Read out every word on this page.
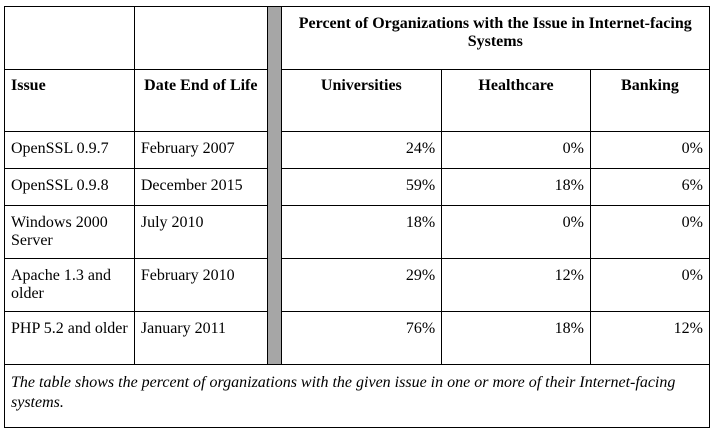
			Percent of Organizations with the Issue in Internet-facing Systems		
Issue	Date End of Life		Universities	Healthcare	Banking
OpenSSL 0.9.7	February 2007		24%	0%	0%
OpenSSL 0.9.8	December 2015		59%	18%	6%
Windows 2000 Server	July 2010		18%	0%	0%
Apache 1.3 and older	February 2010		29%	12%	0%
PHP 5.2 and older	January 2011		76%	18%	12%
The table shows the percent of organizations with the given issue in one or more of their Internet-facing systems.					
